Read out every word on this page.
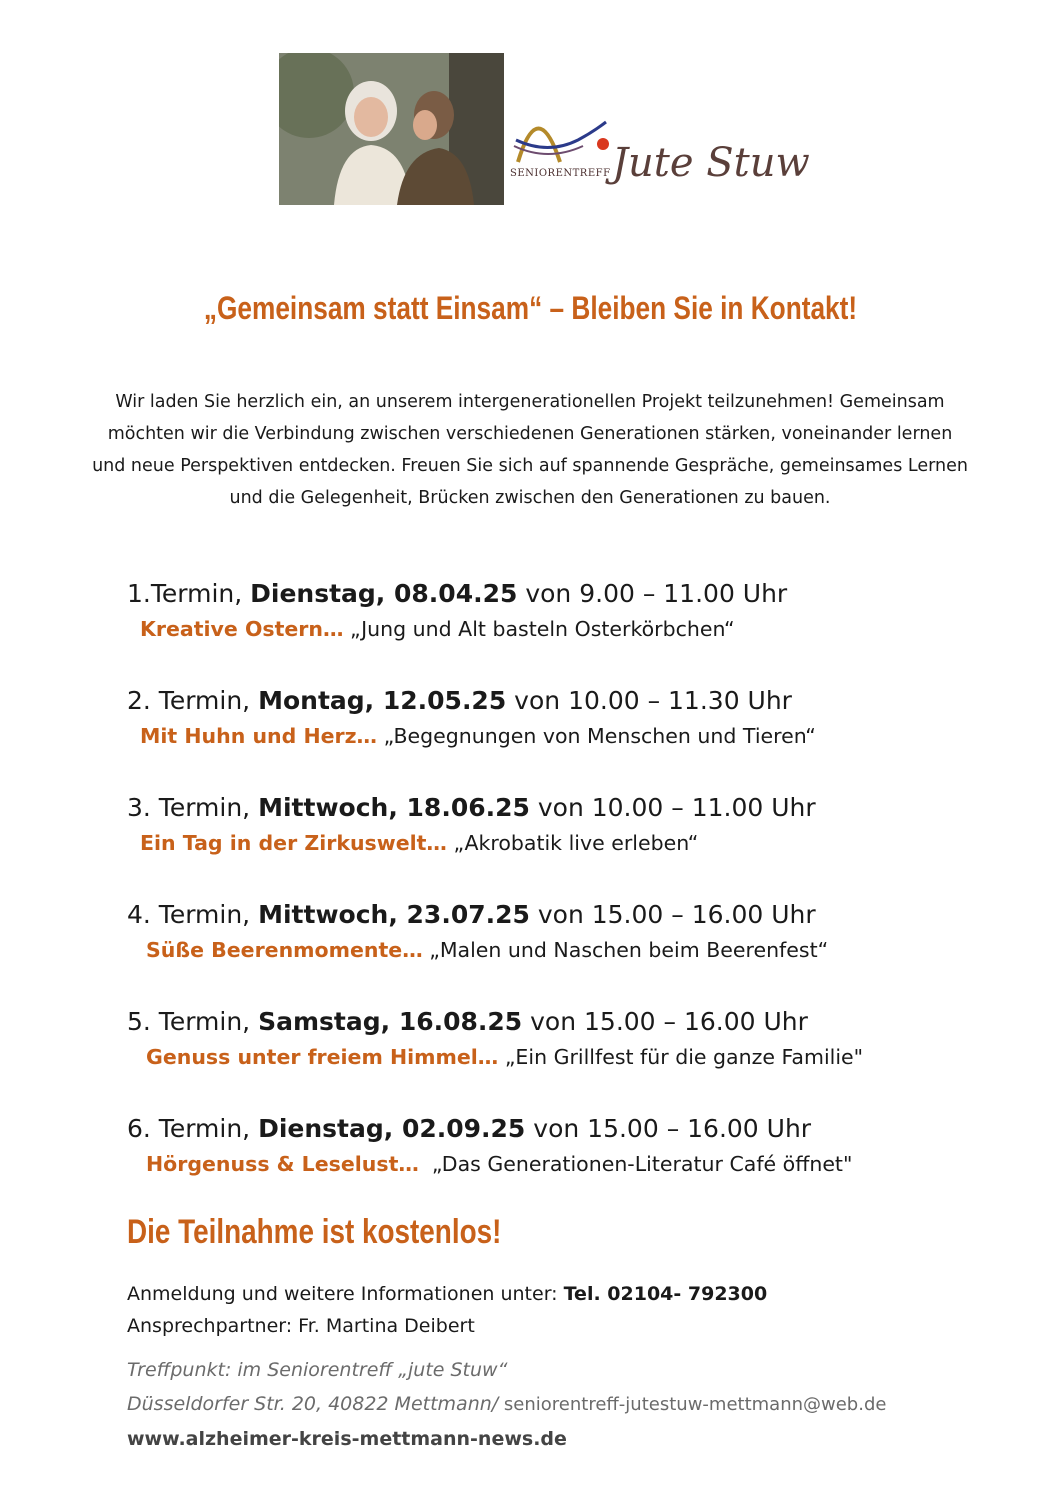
SENIORENTREFF Jute Stuw
„Gemeinsam statt Einsam“ – Bleiben Sie in Kontakt!
Wir laden Sie herzlich ein, an unserem intergenerationellen Projekt teilzunehmen! Gemeinsam möchten wir die Verbindung zwischen verschiedenen Generationen stärken, voneinander lernen und neue Perspektiven entdecken. Freuen Sie sich auf spannende Gespräche, gemeinsames Lernen und die Gelegenheit, Brücken zwischen den Generationen zu bauen.
1.Termin, Dienstag, 08.04.25 von 9.00 – 11.00 Uhr
Kreative Ostern… „Jung und Alt basteln Osterkörbchen“
2. Termin, Montag, 12.05.25 von 10.00 – 11.30 Uhr
Mit Huhn und Herz… „Begegnungen von Menschen und Tieren“
3. Termin, Mittwoch, 18.06.25 von 10.00 – 11.00 Uhr
Ein Tag in der Zirkuswelt… „Akrobatik live erleben“
4. Termin, Mittwoch, 23.07.25 von 15.00 – 16.00 Uhr
Süße Beerenmomente… „Malen und Naschen beim Beerenfest“
5. Termin, Samstag, 16.08.25 von 15.00 – 16.00 Uhr
Genuss unter freiem Himmel… „Ein Grillfest für die ganze Familie"
6. Termin, Dienstag, 02.09.25 von 15.00 – 16.00 Uhr
Hörgenuss & Leselust…  „Das Generationen-Literatur Café öffnet"
Die Teilnahme ist kostenlos!
Anmeldung und weitere Informationen unter: Tel. 02104- 792300
Ansprechpartner: Fr. Martina Deibert
Treffpunkt: im Seniorentreff „jute Stuw“
Düsseldorfer Str. 20, 40822 Mettmann/ seniorentreff-jutestuw-mettmann@web.de
www.alzheimer-kreis-mettmann-news.de
